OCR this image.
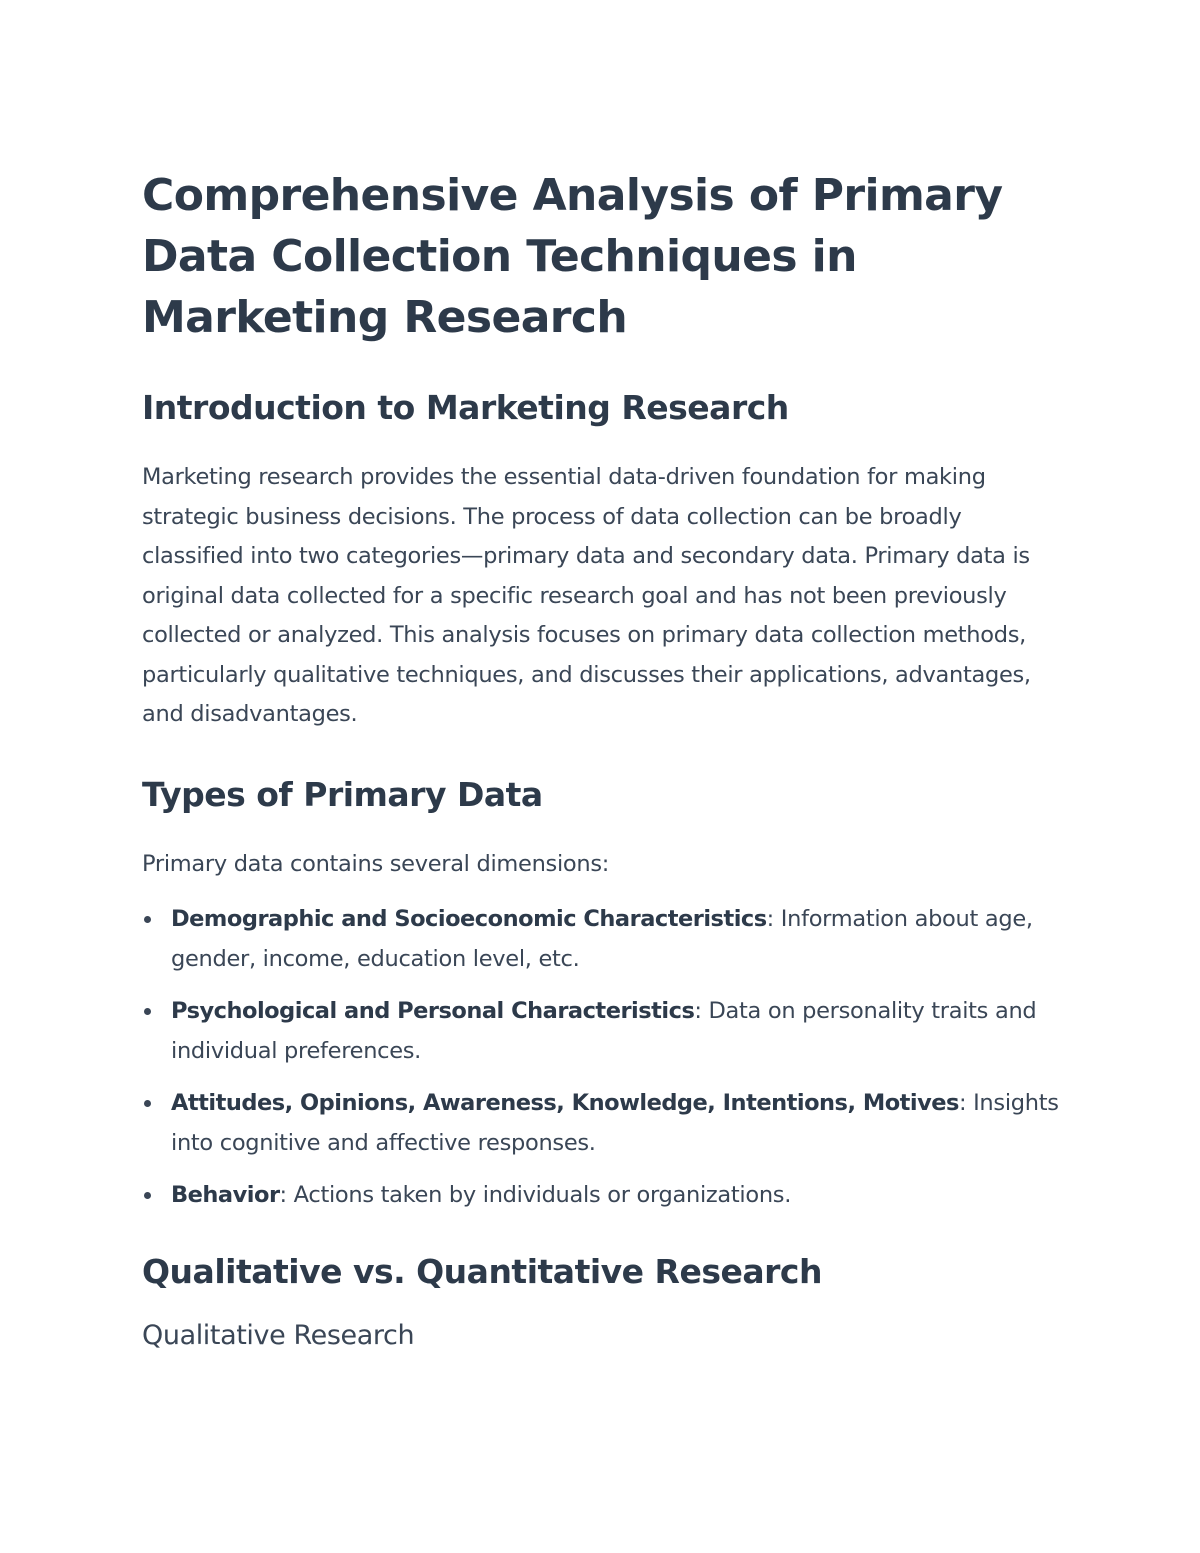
Comprehensive Analysis of Primary Data Collection Techniques in Marketing Research
Introduction to Marketing Research

Marketing research provides the essential data-driven foundation for making strategic business decisions. The process of data collection can be broadly classified into two categories—primary data and secondary data. Primary data is original data collected for a specific research goal and has not been previously collected or analyzed. This analysis focuses on primary data collection methods, particularly qualitative techniques, and discusses their applications, advantages, and disadvantages.

Types of Primary Data

Primary data contains several dimensions:

Demographic and Socioeconomic Characteristics: Information about age, gender, income, education level, etc.
Psychological and Personal Characteristics: Data on personality traits and individual preferences.
Attitudes, Opinions, Awareness, Knowledge, Intentions, Motives: Insights into cognitive and affective responses.
Behavior: Actions taken by individuals or organizations.
Qualitative vs. Quantitative Research
Qualitative Research
